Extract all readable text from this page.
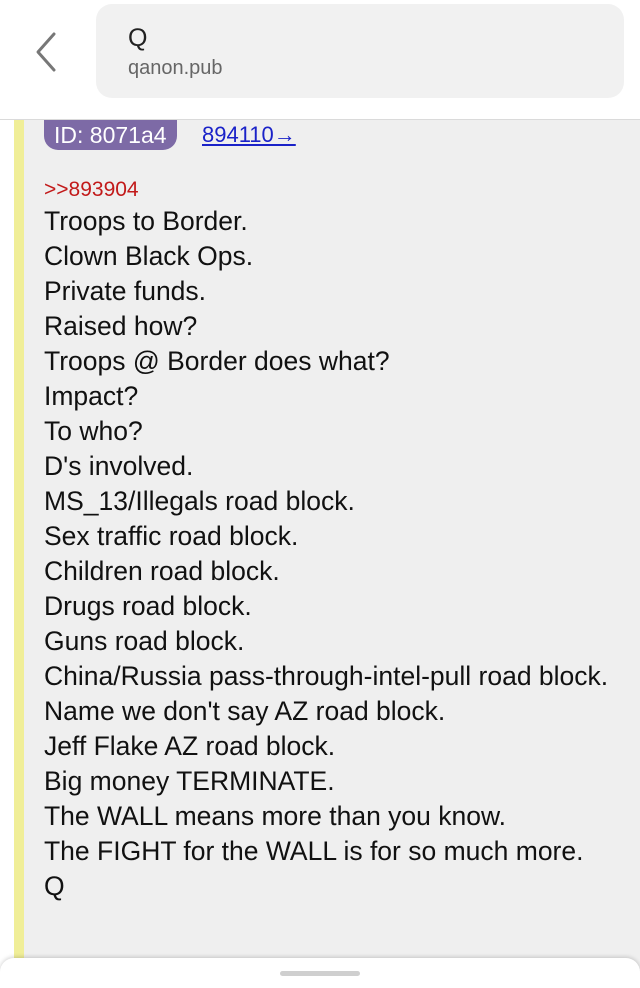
Q
qanon.pub
ID: 8071a4	894110→
>>893904
Troops to Border.
Clown Black Ops.
Private funds.
Raised how?
Troops @ Border does what?
Impact?
To who?
D's involved.
MS_13/Illegals road block.
Sex traffic road block.
Children road block.
Drugs road block.
Guns road block.
China/Russia pass-through-intel-pull road block.
Name we don't say AZ road block.
Jeff Flake AZ road block.
Big money TERMINATE.
The WALL means more than you know.
The FIGHT for the WALL is for so much more.
Q
